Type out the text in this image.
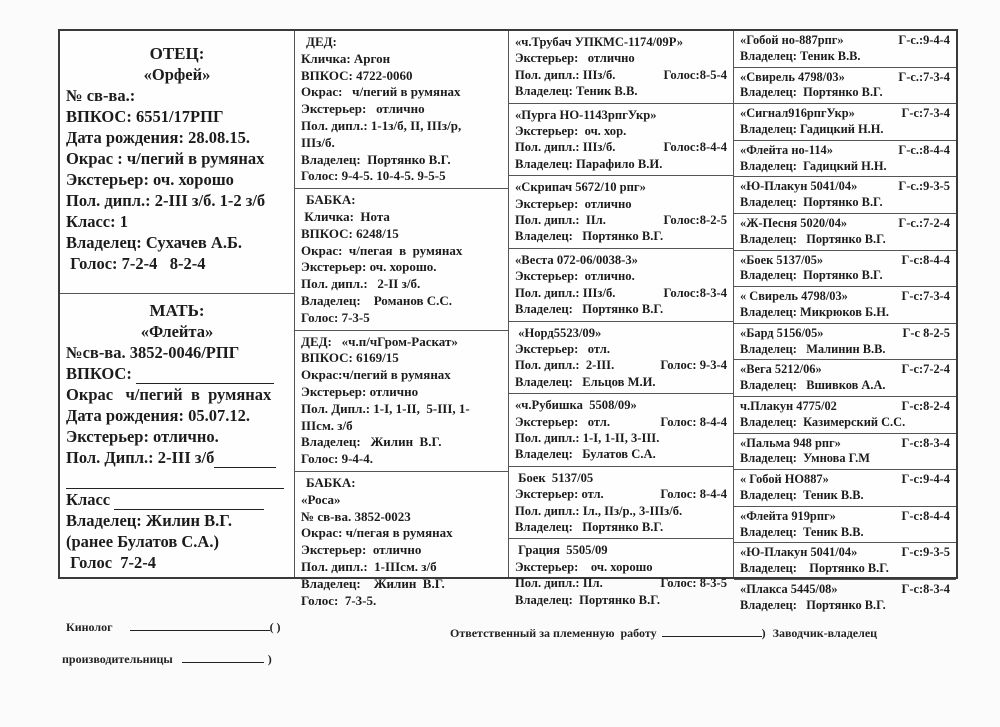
ОТЕЦ:
«Орфей»
№ св-ва.:
ВПКОС: 6551/17РПГ
Дата рождения: 28.08.15.
Окрас : ч/пегий в румянах
Экстерьер: оч. хорошо
Пол. дипл.: 2-III з/б. 1-2 з/б
Класс: 1
Владелец: Сухачев А.Б.
Голос: 7-2-4   8-2-4
МАТЬ:
«Флейта»
№св-ва. 3852-0046/РПГ
ВПКОС:
Окрас   ч/пегий  в  румянах
Дата рождения: 05.07.12.
Экстерьер: отлично.
Пол. Дипл.: 2-III з/б
Класс
Владелец: Жилин В.Г.
(ранее Булатов С.А.)
Голос  7-2-4
ДЕД:
Кличка: Аргон
ВПКОС: 4722-0060
Окрас:   ч/пегий в румянах
Экстерьер:   отлично
Пол. дипл.: 1-1з/б, II, IIIз/р,
IIIз/б.
Владелец:  Портянко В.Г.
Голос: 9-4-5. 10-4-5. 9-5-5
БАБКА:
Кличка:  Нота
ВПКОС: 6248/15
Окрас:  ч/пегая  в  румянах
Экстерьер: оч. хорошо.
Пол. дипл.:   2-II з/б.
Владелец:    Романов С.С.
Голос: 7-3-5
ДЕД:   «ч.п/чГром-Раскат»
ВПКОС: 6169/15
Окрас:ч/пегий в румянах
Экстерьер: отлично
Пол. Дипл.: 1-I, 1-II,  5-III, 1-
IIIсм. з/б
Владелец:   Жилин  В.Г.
Голос: 9-4-4.
БАБКА:
«Роса»
№ св-ва. 3852-0023
Окрас: ч/пегая в румянах
Экстерьер:  отлично
Пол. дипл.:  1-IIIсм. з/б
Владелец:    Жилин  В.Г.
Голос:  7-3-5.
«ч.Трубач УПКМС-1174/09Р»
Экстерьер:   отлично
Пол. дипл.: IIIз/б.	Голос:8-5-4
Владелец: Теник В.В.
«Пурга НО-1143рпгУкр»
Экстерьер:  оч. хор.
Пол. дипл.: IIIз/б.	Голос:8-4-4
Владелец: Парафило В.И.
«Скрипач 5672/10 рпг»
Экстерьер:  отлично
Пол. дипл.:  IIл.	Голос:8-2-5
Владелец:   Портянко В.Г.
«Веста 072-06/0038-3»
Экстерьер:  отлично.
Пол. дипл.: IIIз/б.	Голос:8-3-4
Владелец:   Портянко В.Г.
«Норд5523/09»
Экстерьер:   отл.
Пол. дипл.:  2-III.	Голос: 9-3-4
Владелец:   Ельцов М.И.
«ч.Рубишка  5508/09»
Экстерьер:   отл.	Голос: 8-4-4
Пол. дипл.: 1-I, 1-II, 3-III.
Владелец:   Булатов С.А.
Боек  5137/05
Экстерьер: отл.	Голос: 8-4-4
Пол. дипл.: Iл., IIз/р., 3-IIIз/б.
Владелец:   Портянко В.Г.
Грация  5505/09
Экстерьер:    оч. хорошо
Пол. дипл.: IIл.	Голос: 8-3-5
Владелец:  Портянко В.Г.
«Гобой но-887рпг»	Г-с.:9-4-4
Владелец: Теник В.В.
«Свирель 4798/03»	Г-с.:7-3-4
Владелец:  Портянко В.Г.
«Сигнал916рпгУкр»	Г-с:7-3-4
Владелец: Гадицкий Н.Н.
«Флейта но-114»	Г-с.:8-4-4
Владелец:  Гадицкий Н.Н.
«Ю-Плакун 5041/04»	Г-с.:9-3-5
Владелец:  Портянко В.Г.
«Ж-Песня 5020/04»	Г-с.:7-2-4
Владелец:   Портянко В.Г.
«Боек 5137/05»	Г-с:8-4-4
Владелец:  Портянко В.Г.
« Свирель 4798/03»	Г-с:7-3-4
Владелец: Микрюков Б.Н.
«Бард 5156/05»	Г-с 8-2-5
Владелец:   Малинин В.В.
«Вега 5212/06»	Г-с:7-2-4
Владелец:   Вшивков А.А.
ч.Плакун 4775/02	Г-с:8-2-4
Владелец:  Казимерский С.С.
«Пальма 948 рпг»	Г-с:8-3-4
Владелец:  Умнова Г.М
« Гобой НО887»	Г-с:9-4-4
Владелец:  Теник В.В.
«Флейта 919рпг»	Г-с:8-4-4
Владелец:  Теник В.В.
«Ю-Плакун 5041/04»	Г-с:9-3-5
Владелец:    Портянко В.Г.
«Плакса 5445/08»	Г-с:8-3-4
Владелец:   Портянко В.Г.
Кинолог	( )
производительницы	)
Ответственный за племенную  работу	) Заводчик-владелец
